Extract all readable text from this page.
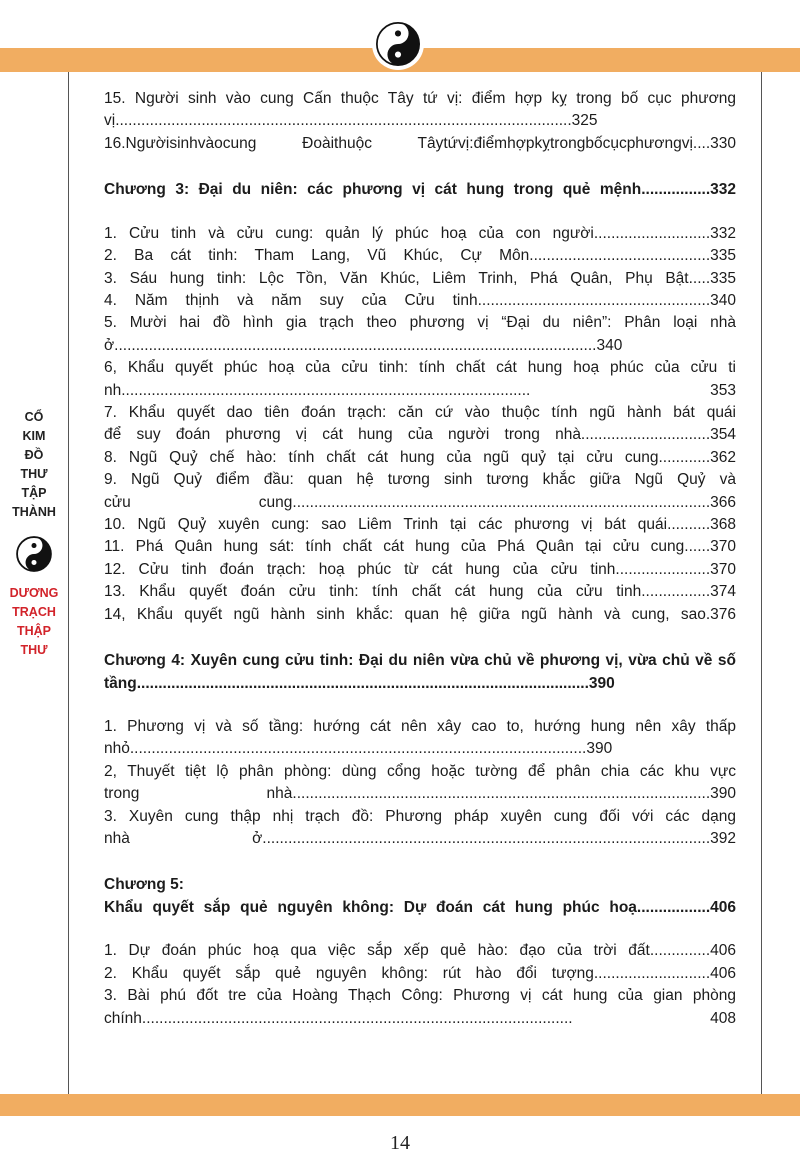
CỔ
KIM
ĐỒ
THƯ
TẬP
THÀNH
DƯƠNG
TRẠCH
THẬP
THƯ
15. Người sinh vào cung Cấn thuộc Tây tứ vị: điểm hợp kỵ trong bố cục phương
vị..........................................................................................................325
16.Ngườisinhvàocung Đoàithuộc Tâytứvị:điểmhợpkỵtrongbốcụcphươngvị....330
Chương 3: Đại du niên: các phương vị cát hung trong quẻ mệnh................332
1. Cửu tinh và cửu cung: quản lý phúc hoạ của con người...........................332
2. Ba cát tinh: Tham Lang, Vũ Khúc, Cự Môn..........................................335
3. Sáu hung tinh: Lộc Tồn, Văn Khúc, Liêm Trinh, Phá Quân, Phụ Bật.....335
4. Năm thịnh và năm suy của Cửu tinh......................................................340
5. Mười hai đồ hình gia trạch theo phương vị “Đại du niên”: Phân loại nhà
ở................................................................................................................340
6, Khẩu quyết phúc hoạ của cửu tinh: tính chất cát hung hoạ phúc của cửu ti
nh............................................................................................... 353
7. Khẩu quyết dao tiên đoán trạch: căn cứ vào thuộc tính ngũ hành bát quái
để suy đoán phương vị cát hung của người trong nhà..............................354
8. Ngũ Quỷ chế hào: tính chất cát hung của ngũ quỷ tại cửu cung............362
9. Ngũ Quỷ điểm đầu: quan hệ tương sinh tương khắc giữa Ngũ Quỷ và
cửu cung.................................................................................................366
10. Ngũ Quỷ xuyên cung: sao Liêm Trinh tại các phương vị bát quái..........368
11. Phá Quân hung sát: tính chất cát hung của Phá Quân tại cửu cung......370
12. Cửu tinh đoán trạch: hoạ phúc từ cát hung của cửu tinh......................370
13. Khẩu quyết đoán cửu tinh: tính chất cát hung của cửu tinh................374
14, Khẩu quyết ngũ hành sinh khắc: quan hệ giữa ngũ hành và cung, sao.376
Chương 4: Xuyên cung cửu tinh: Đại du niên vừa chủ về phương vị, vừa chủ về số
tầng.........................................................................................................390
1. Phương vị và số tầng: hướng cát nên xây cao to, hướng hung nên xây thấp
nhỏ..........................................................................................................390
2, Thuyết tiệt lộ phân phòng: dùng cổng hoặc tường để phân chia các khu vực
trong nhà.................................................................................................390
3. Xuyên cung thập nhị trạch đồ: Phương pháp xuyên cung đối với các dạng
nhà ở........................................................................................................392
Chương 5:
Khẩu quyết sắp quẻ nguyên không: Dự đoán cát hung phúc hoạ.................406
1. Dự đoán phúc hoạ qua việc sắp xếp quẻ hào: đạo của trời đất..............406
2. Khẩu quyết sắp quẻ nguyên không: rút hào đổi tượng...........................406
3. Bài phú đốt tre của Hoàng Thạch Công: Phương vị cát hung của gian phòng
chính.................................................................................................... 408
14
